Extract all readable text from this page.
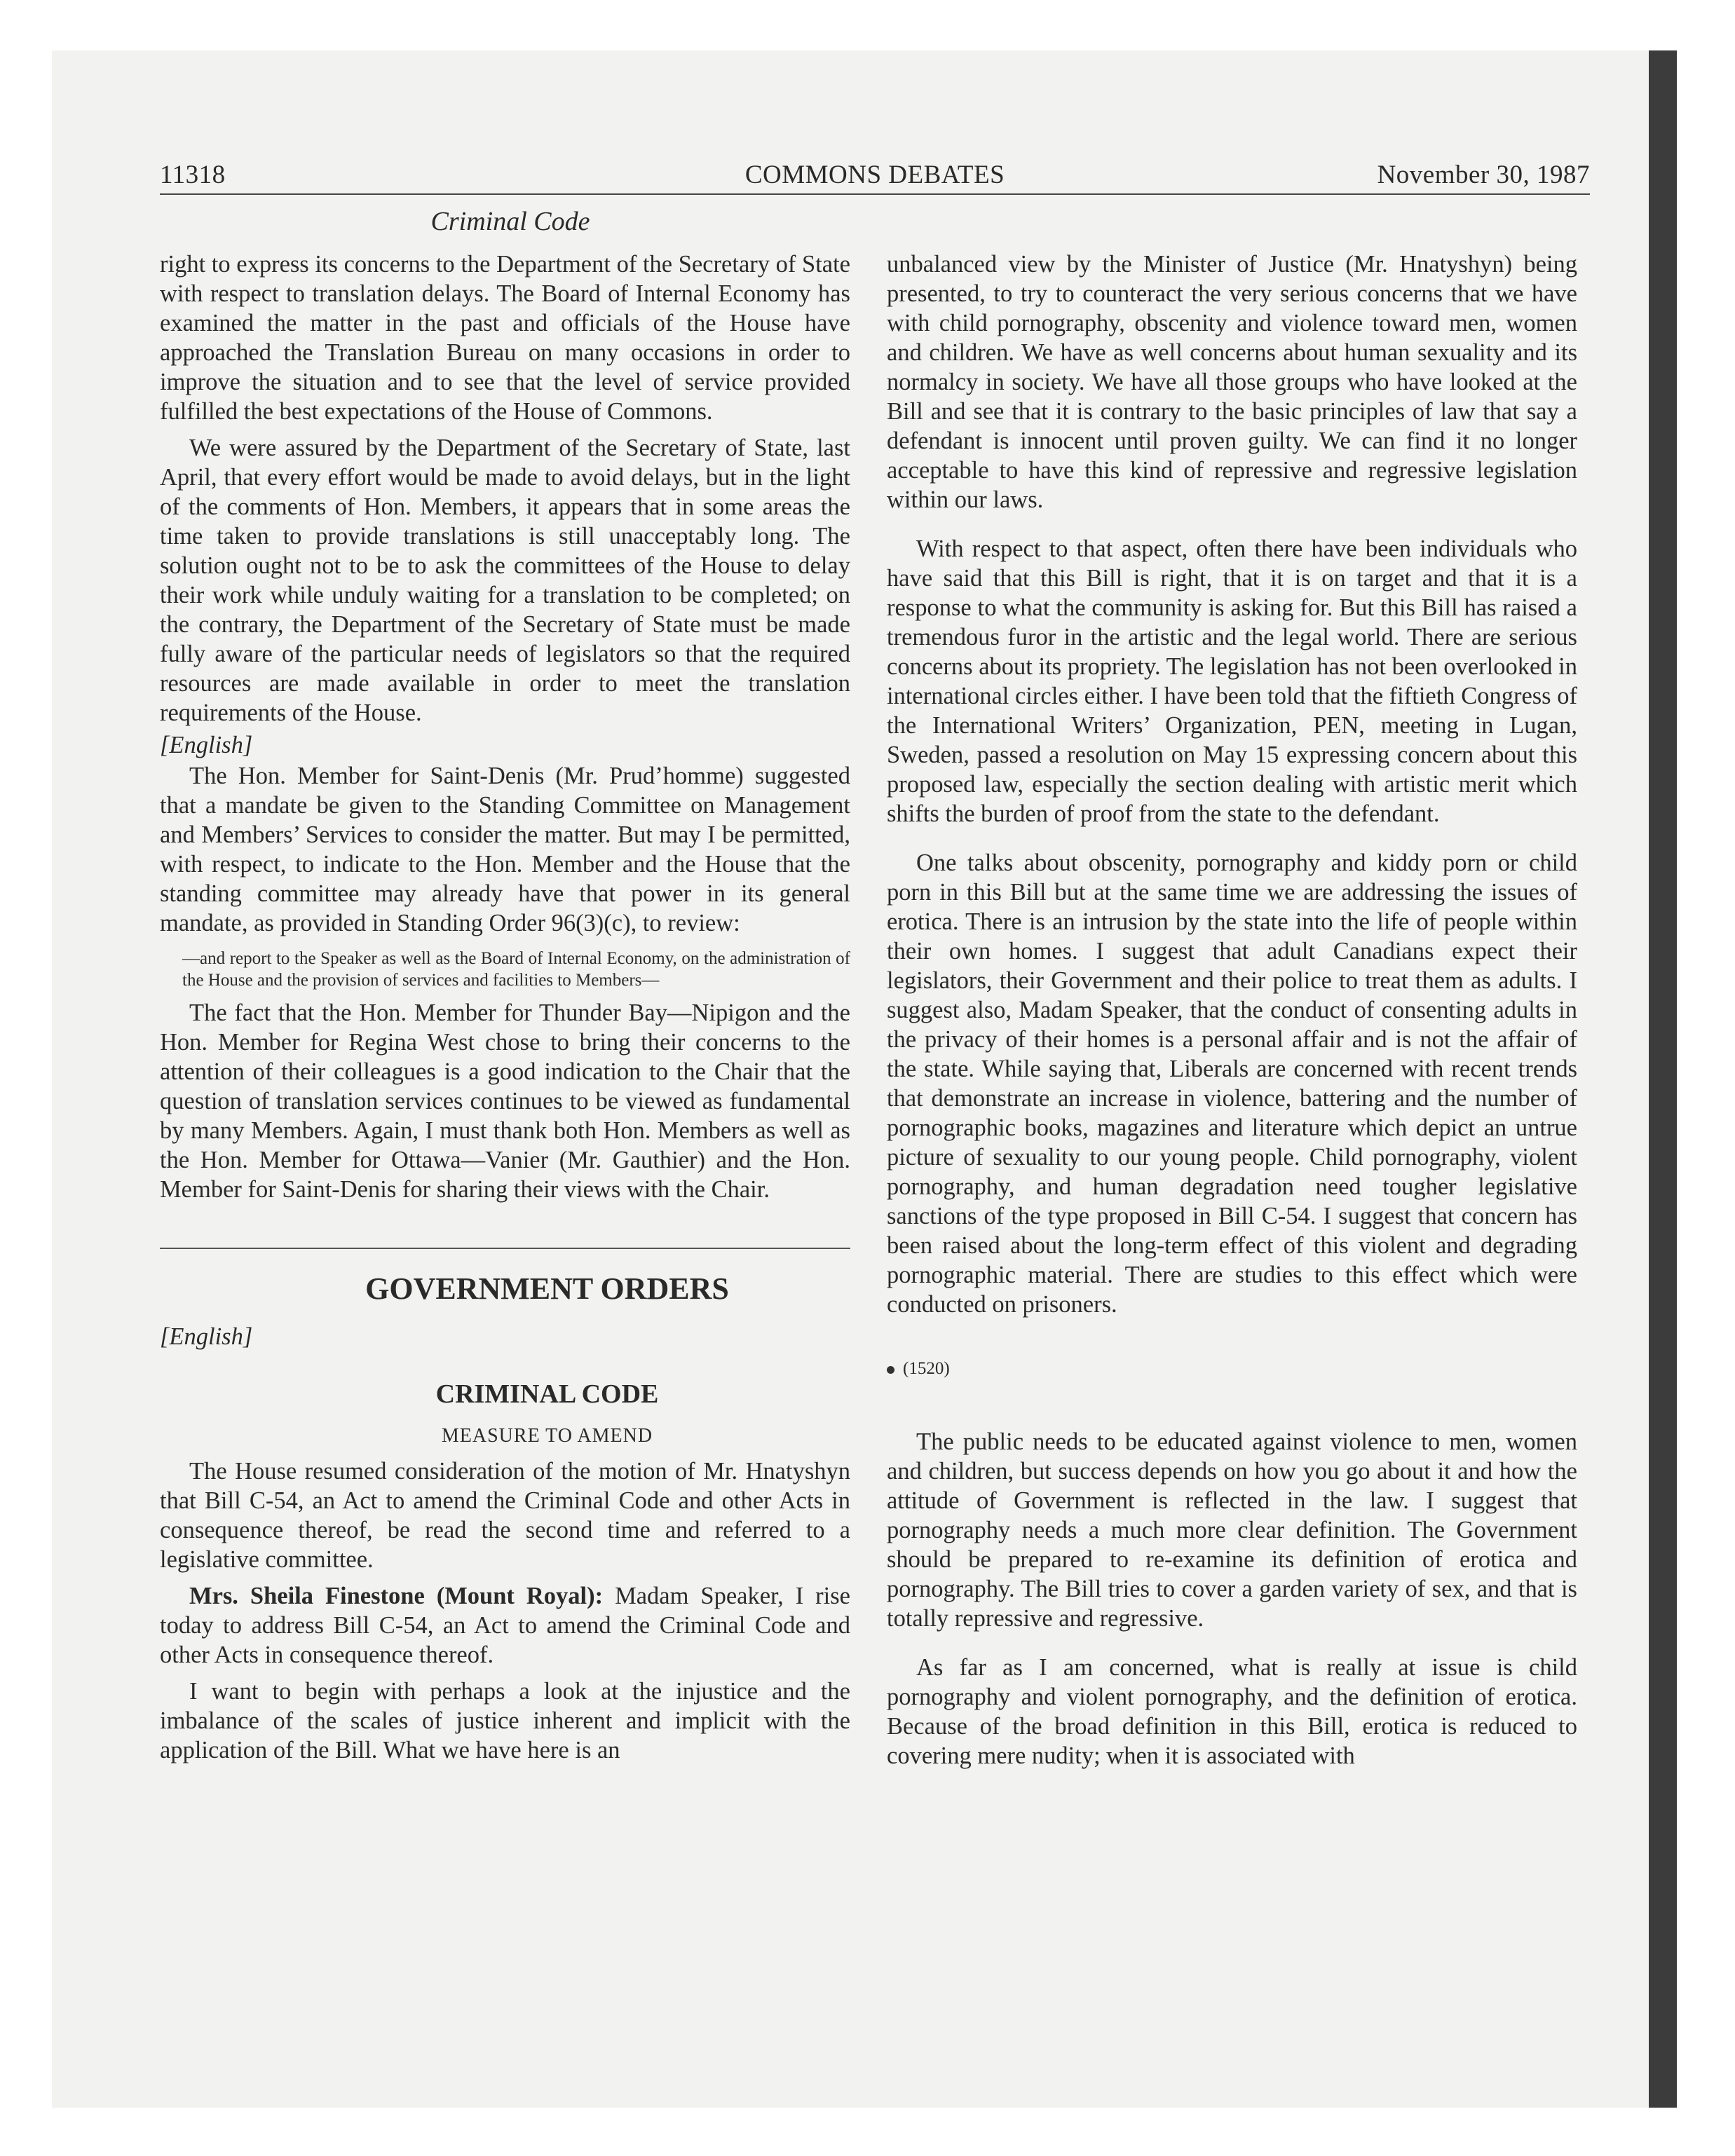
11318	COMMONS DEBATES	November 30, 1987
Criminal Code

right to express its concerns to the Department of the Secretary of State with respect to translation delays. The Board of Internal Economy has examined the matter in the past and officials of the House have approached the Translation Bureau on many occasions in order to improve the situation and to see that the level of service provided fulfilled the best expectations of the House of Commons.

We were assured by the Department of the Secretary of State, last April, that every effort would be made to avoid delays, but in the light of the comments of Hon. Members, it appears that in some areas the time taken to provide translations is still unacceptably long. The solution ought not to be to ask the committees of the House to delay their work while unduly waiting for a translation to be completed; on the contrary, the Department of the Secretary of State must be made fully aware of the particular needs of legislators so that the required resources are made available in order to meet the translation requirements of the House.

[English]

The Hon. Member for Saint-Denis (Mr. Prud’homme) suggested that a mandate be given to the Standing Committee on Management and Members’ Services to consider the matter. But may I be permitted, with respect, to indicate to the Hon. Member and the House that the standing committee may already have that power in its general mandate, as provided in Standing Order 96(3)(c), to review:

—and report to the Speaker as well as the Board of Internal Economy, on the administration of the House and the provision of services and facilities to Members—

The fact that the Hon. Member for Thunder Bay—Nipigon and the Hon. Member for Regina West chose to bring their concerns to the attention of their colleagues is a good indication to the Chair that the question of translation services continues to be viewed as fundamental by many Members. Again, I must thank both Hon. Members as well as the Hon. Member for Ottawa—Vanier (Mr. Gauthier) and the Hon. Member for Saint-Denis for sharing their views with the Chair.

GOVERNMENT ORDERS
[English]
CRIMINAL CODE
MEASURE TO AMEND

The House resumed consideration of the motion of Mr. Hnatyshyn that Bill C-54, an Act to amend the Criminal Code and other Acts in consequence thereof, be read the second time and referred to a legislative committee.

Mrs. Sheila Finestone (Mount Royal): Madam Speaker, I rise today to address Bill C-54, an Act to amend the Criminal Code and other Acts in consequence thereof.

I want to begin with perhaps a look at the injustice and the imbalance of the scales of justice inherent and implicit with the application of the Bill. What we have here is an

unbalanced view by the Minister of Justice (Mr. Hnatyshyn) being presented, to try to counteract the very serious concerns that we have with child pornography, obscenity and violence toward men, women and children. We have as well concerns about human sexuality and its normalcy in society. We have all those groups who have looked at the Bill and see that it is contrary to the basic principles of law that say a defendant is innocent until proven guilty. We can find it no longer acceptable to have this kind of repressive and regressive legislation within our laws.

With respect to that aspect, often there have been individuals who have said that this Bill is right, that it is on target and that it is a response to what the community is asking for. But this Bill has raised a tremendous furor in the artistic and the legal world. There are serious concerns about its propriety. The legislation has not been overlooked in international circles either. I have been told that the fiftieth Congress of the International Writers’ Organization, PEN, meeting in Lugan, Sweden, passed a resolution on May 15 expressing concern about this proposed law, especially the section dealing with artistic merit which shifts the burden of proof from the state to the defendant.

One talks about obscenity, pornography and kiddy porn or child porn in this Bill but at the same time we are addressing the issues of erotica. There is an intrusion by the state into the life of people within their own homes. I suggest that adult Canadians expect their legislators, their Government and their police to treat them as adults. I suggest also, Madam Speaker, that the conduct of consenting adults in the privacy of their homes is a personal affair and is not the affair of the state. While saying that, Liberals are concerned with recent trends that demonstrate an increase in violence, battering and the number of pornographic books, magazines and literature which depict an untrue picture of sexuality to our young people. Child pornography, violent pornography, and human degradation need tougher legislative sanctions of the type proposed in Bill C-54. I suggest that concern has been raised about the long-term effect of this violent and degrading pornographic material. There are studies to this effect which were conducted on prisoners.

(1520)

The public needs to be educated against violence to men, women and children, but success depends on how you go about it and how the attitude of Government is reflected in the law. I suggest that pornography needs a much more clear definition. The Government should be prepared to re-examine its definition of erotica and pornography. The Bill tries to cover a garden variety of sex, and that is totally repressive and regressive.

As far as I am concerned, what is really at issue is child pornography and violent pornography, and the definition of erotica. Because of the broad definition in this Bill, erotica is reduced to covering mere nudity; when it is associated with
